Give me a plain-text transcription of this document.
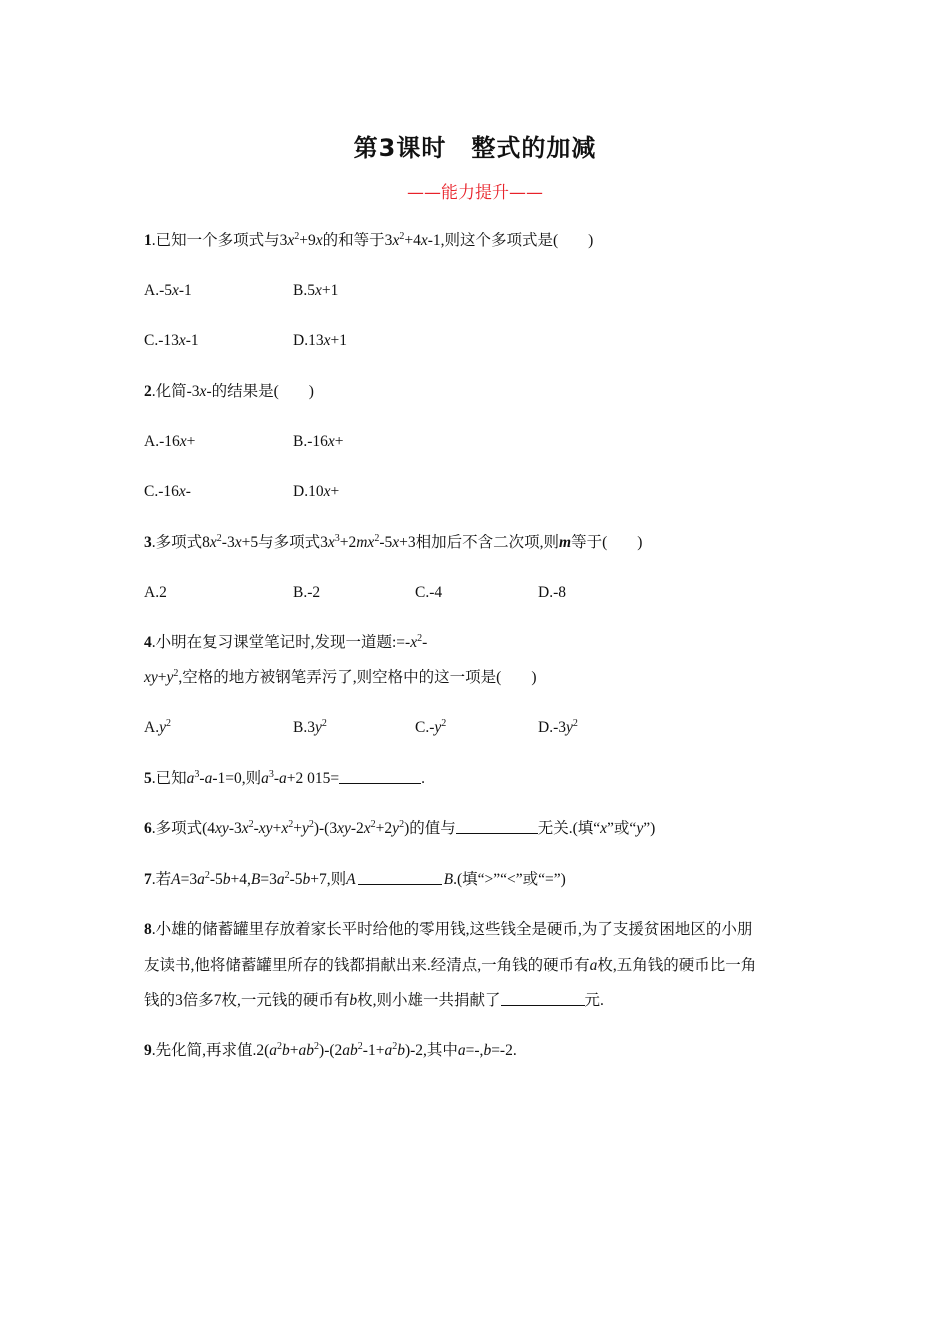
第3课时　整式的加减
——能力提升——
1.已知一个多项式与$3x^2+9x$的和等于$3x^2+4x-1$,则这个多项式是( )
A.-5x-1	B.5x+1
C.-13x-1	D.13x+1
2.化简-3x-的结果是( )
A.-16x+	B.-16x+
C.-16x-	D.10x+
3.多项式$8x^2-3x+5$与多项式$3x^3+2mx^2-5x+3$相加后不含二次项,则m等于( )
A.2	B.-2	C.-4	D.-8
4.小明在复习课堂笔记时,发现一道题$:=-x^2-$
$xy+y^2$,空格的地方被钢笔弄污了,则空格中的这一项是( )
$A.y^2$	$B.3y^2$	$C.-y^2$	$D.-3y^2$
5.已知$a^3-a-1=0$,则$a^3-a+2$ 015=	.
6.多项式$(4xy-3x^2-xy+x^2+y^2)-(3xy-2x^2+2y^2)$的值与	无关.(填“x”或“y”)
7.若$A=3a^2-5b+4,B=3a^2-5b+7$,则A	B.(填“>”“<”或“=”)
8.小雄的储蓄罐里存放着家长平时给他的零用钱,这些钱全是硬币,为了支援贫困地区的小朋
友读书,他将储蓄罐里所存的钱都捐献出来.经清点,一角钱的硬币有a枚,五角钱的硬币比一角
钱的3倍多7枚,一元钱的硬币有b枚,则小雄一共捐献了	元.
9.先化简,再求值$.2(a^2b+ab^2)-(2ab^2-1+a^2b)-2$,其中a=-,b=-2.
